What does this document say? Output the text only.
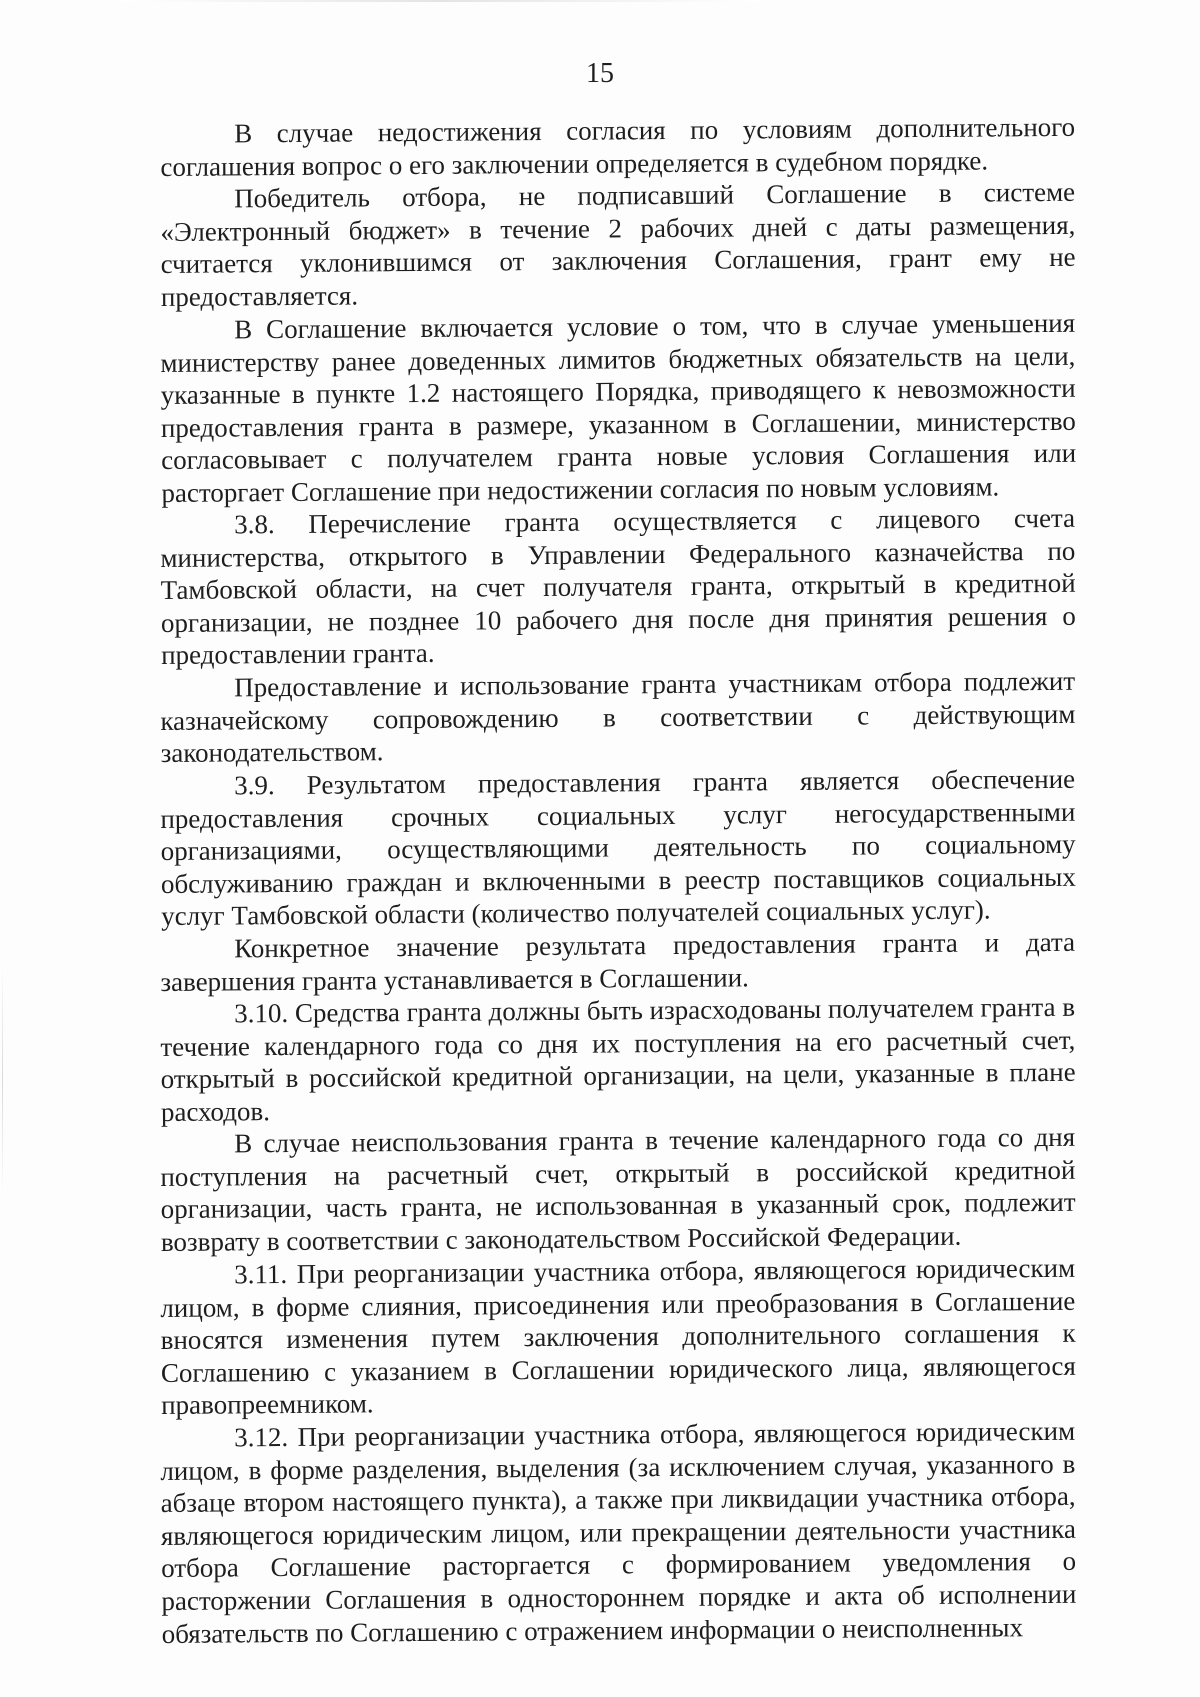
15

В случае недостижения согласия по условиям дополнительного соглашения вопрос о его заключении определяется в судебном порядке.

Победитель отбора, не подписавший Соглашение в системе «Электронный бюджет» в течение 2 рабочих дней с даты размещения, считается уклонившимся от заключения Соглашения, грант ему не предоставляется.

В Соглашение включается условие о том, что в случае уменьшения министерству ранее доведенных лимитов бюджетных обязательств на цели, указанные в пункте 1.2 настоящего Порядка, приводящего к невозможности предоставления гранта в размере, указанном в Соглашении, министерство согласовывает с получателем гранта новые условия Соглашения или расторгает Соглашение при недостижении согласия по новым условиям.

3.8. Перечисление гранта осуществляется с лицевого счета министерства, открытого в Управлении Федерального казначейства по Тамбовской области, на счет получателя гранта, открытый в кредитной организации, не позднее 10 рабочего дня после дня принятия решения о предоставлении гранта.

Предоставление и использование гранта участникам отбора подлежит казначейскому сопровождению в соответствии с действующим законодательством.

3.9. Результатом предоставления гранта является обеспечение предоставления срочных социальных услуг негосударственными организациями, осуществляющими деятельность по социальному обслуживанию граждан и включенными в реестр поставщиков социальных услуг Тамбовской области (количество получателей социальных услуг).

Конкретное значение результата предоставления гранта и дата завершения гранта устанавливается в Соглашении.

3.10. Средства гранта должны быть израсходованы получателем гранта в течение календарного года со дня их поступления на его расчетный счет, открытый в российской кредитной организации, на цели, указанные в плане расходов.

В случае неиспользования гранта в течение календарного года со дня поступления на расчетный счет, открытый в российской кредитной организации, часть гранта, не использованная в указанный срок, подлежит возврату в соответствии с законодательством Российской Федерации.

3.11. При реорганизации участника отбора, являющегося юридическим лицом, в форме слияния, присоединения или преобразования в Соглашение вносятся изменения путем заключения дополнительного соглашения к Соглашению с указанием в Соглашении юридического лица, являющегося правопреемником.

3.12. При реорганизации участника отбора, являющегося юридическим лицом, в форме разделения, выделения (за исключением случая, указанного в абзаце втором настоящего пункта), а также при ликвидации участника отбора, являющегося юридическим лицом, или прекращении деятельности участника отбора Соглашение расторгается с формированием уведомления о расторжении Соглашения в одностороннем порядке и акта об исполнении обязательств по Соглашению с отражением информации о неисполненных
